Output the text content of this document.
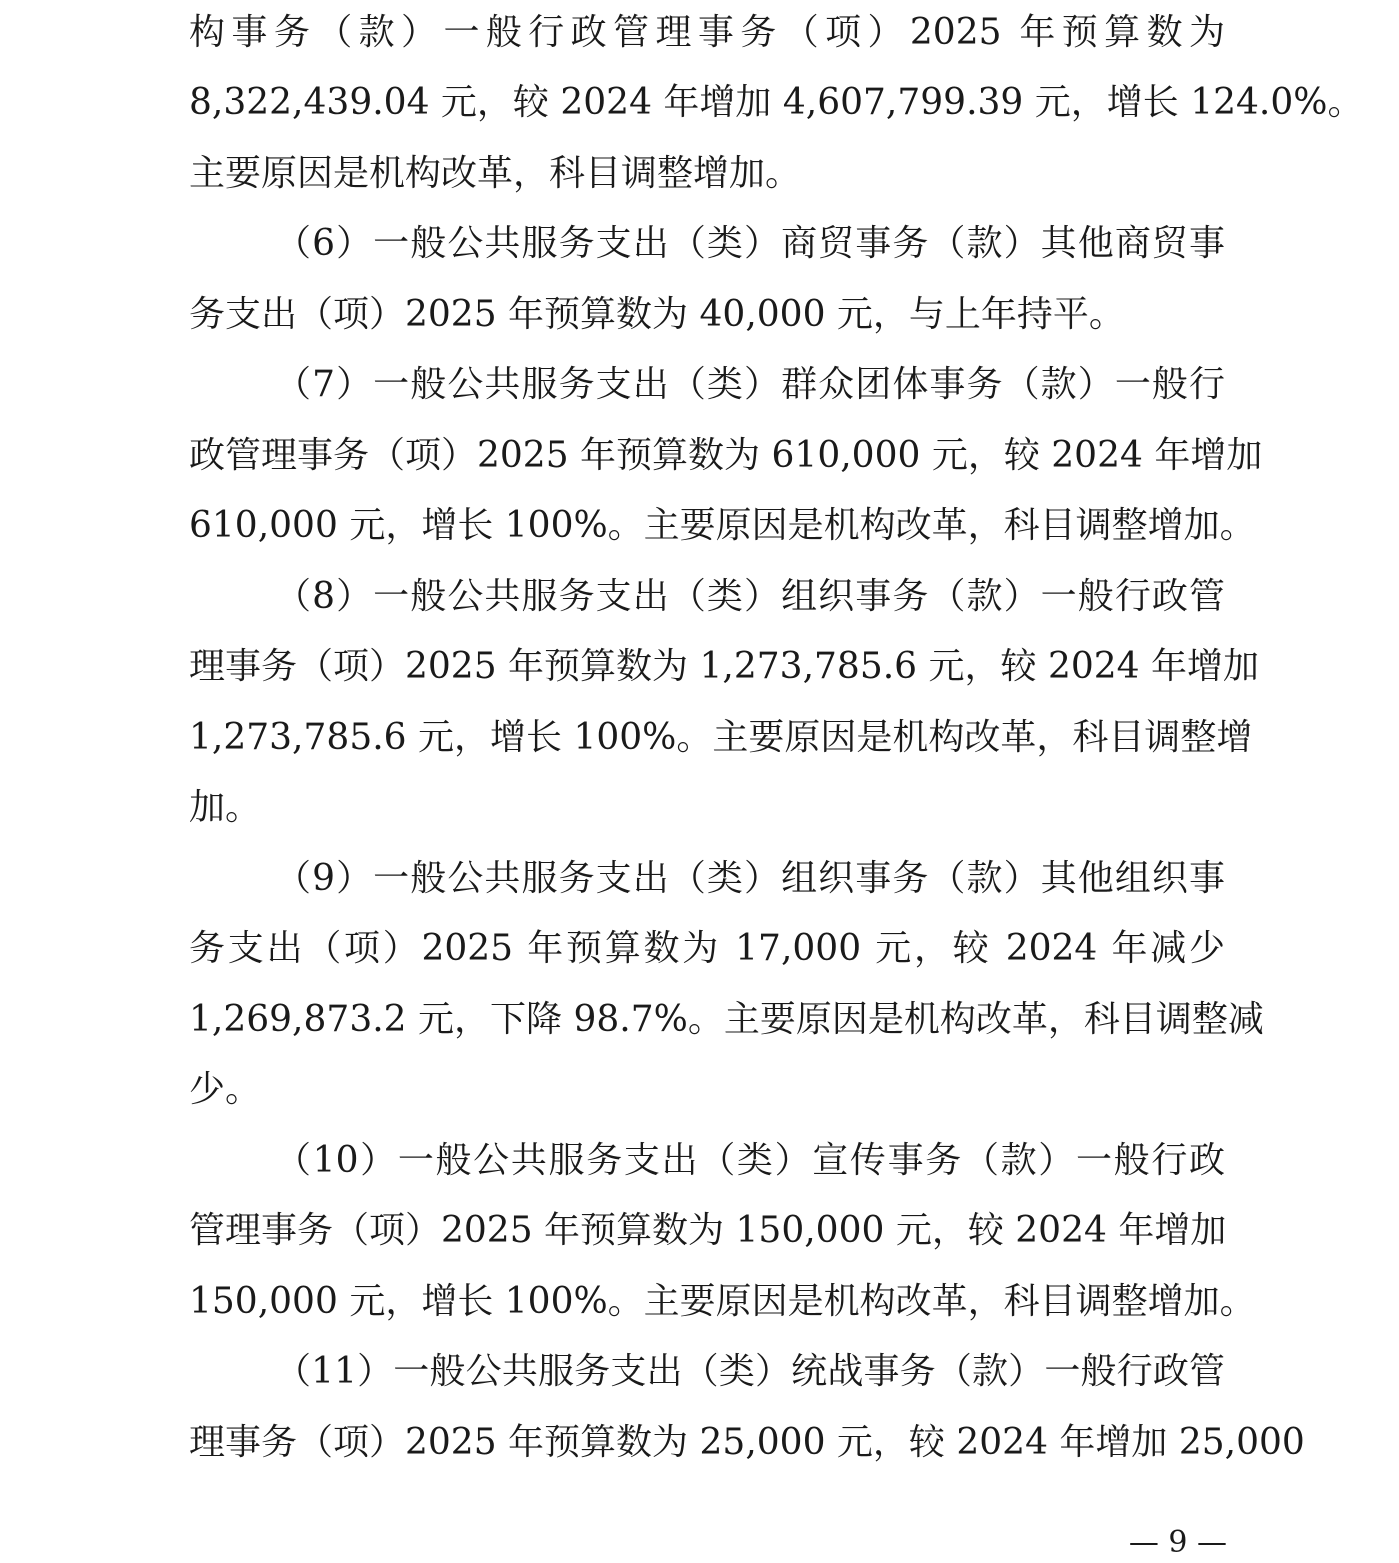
构事务（款）一般行政管理事务（项）2025 年预算数为
8,322,439.04 元，较 2024 年增加 4,607,799.39 元，增长 124.0%。
主要原因是机构改革，科目调整增加。
（6）一般公共服务支出（类）商贸事务（款）其他商贸事
务支出（项）2025 年预算数为 40,000 元，与上年持平。
（7）一般公共服务支出（类）群众团体事务（款）一般行
政管理事务（项）2025 年预算数为 610,000 元，较 2024 年增加
610,000 元，增长 100%。主要原因是机构改革，科目调整增加。
（8）一般公共服务支出（类）组织事务（款）一般行政管
理事务（项）2025 年预算数为 1,273,785.6 元，较 2024 年增加
1,273,785.6 元，增长 100%。主要原因是机构改革，科目调整增
加。
（9）一般公共服务支出（类）组织事务（款）其他组织事
务支出（项）2025 年预算数为 17,000 元，较 2024 年减少
1,269,873.2 元，下降 98.7%。主要原因是机构改革，科目调整减
少。
（10）一般公共服务支出（类）宣传事务（款）一般行政
管理事务（项）2025 年预算数为 150,000 元，较 2024 年增加
150,000 元，增长 100%。主要原因是机构改革，科目调整增加。
（11）一般公共服务支出（类）统战事务（款）一般行政管
理事务（项）2025 年预算数为 25,000 元，较 2024 年增加 25,000
— 9 —
